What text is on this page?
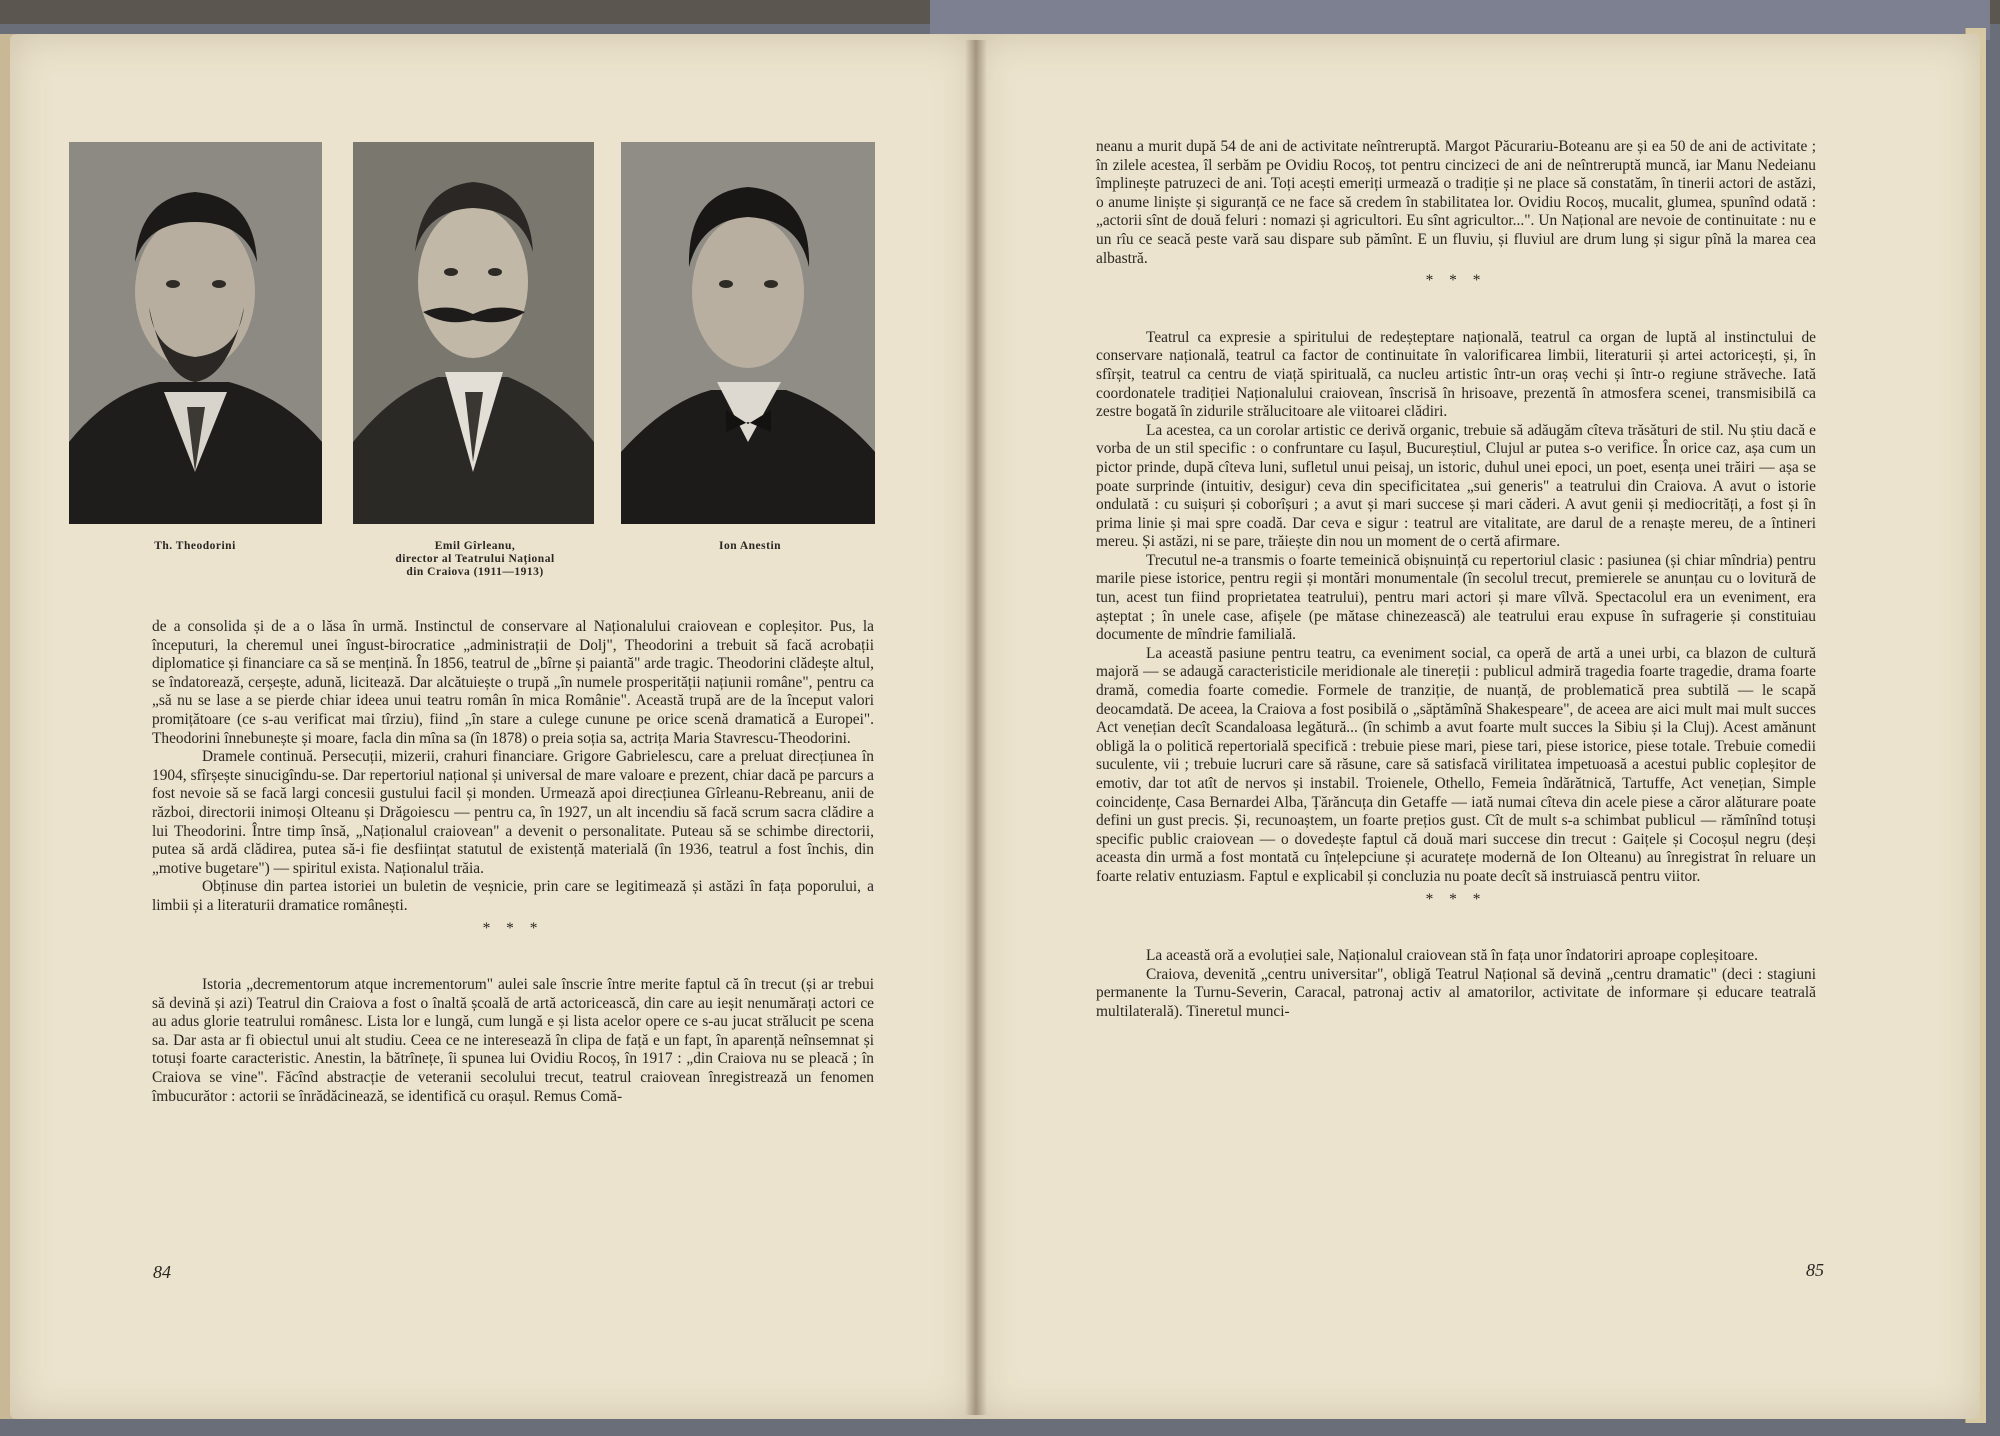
Th. Theodorini	Emil Gîrleanu,
director al Teatrului Național
din Craiova (1911—1913)
Ion Anestin

de a consolida și de a o lăsa în urmă. Instinctul de conservare al Naționalului craiovean e copleșitor. Pus, la începuturi, la cheremul unei îngust-birocratice „administrații de Dolj", Theodorini a trebuit să facă acrobații diplomatice și financiare ca să se mențină. În 1856, teatrul de „bîrne și paiantă" arde tragic. Theodorini clădește altul, se îndatorează, cerșește, adună, licitează. Dar alcătuiește o trupă „în numele prosperității națiunii române", pentru ca „să nu se lase a se pierde chiar ideea unui teatru român în mica Românie". Această trupă are de la început valori promițătoare (ce s-au verificat mai tîrziu), fiind „în stare a culege cunune pe orice scenă dramatică a Europei". Theodorini înnebunește și moare, facla din mîna sa (în 1878) o preia soția sa, actrița Maria Stavrescu-Theodorini.

Dramele continuă. Persecuții, mizerii, crahuri financiare. Grigore Gabrielescu, care a preluat direcțiunea în 1904, sfîrșește sinucigîndu-se. Dar repertoriul național și universal de mare valoare e prezent, chiar dacă pe parcurs a fost nevoie să se facă largi concesii gustului facil și monden. Urmează apoi direcțiunea Gîrleanu-Rebreanu, anii de război, directorii inimoși Olteanu și Drăgoiescu — pentru ca, în 1927, un alt incendiu să facă scrum sacra clădire a lui Theodorini. Între timp însă, „Naționalul craiovean" a devenit o personalitate. Puteau să se schimbe directorii, putea să ardă clădirea, putea să-i fie desființat statutul de existență materială (în 1936, teatrul a fost închis, din „motive bugetare") — spiritul exista. Naționalul trăia.

Obținuse din partea istoriei un buletin de veșnicie, prin care se legitimează și astăzi în fața poporului, a limbii și a literaturii dramatice românești.

* * *

Istoria „decrementorum atque incrementorum" aulei sale înscrie între merite faptul că în trecut (și ar trebui să devină și azi) Teatrul din Craiova a fost o înaltă școală de artă actoricească, din care au ieșit nenumărați actori ce au adus glorie teatrului românesc. Lista lor e lungă, cum lungă e și lista acelor opere ce s-au jucat strălucit pe scena sa. Dar asta ar fi obiectul unui alt studiu. Ceea ce ne interesează în clipa de față e un fapt, în aparență neînsemnat și totuși foarte caracteristic. Anestin, la bătrînețe, îi spunea lui Ovidiu Rocoș, în 1917 : „din Craiova nu se pleacă ; în Craiova se vine". Făcînd abstracție de veteranii secolului trecut, teatrul craiovean înregistrează un fenomen îmbucurător : actorii se înrădăcinează, se identifică cu orașul. Remus Comă-

84

neanu a murit după 54 de ani de activitate neîntreruptă. Margot Păcurariu-Boteanu are și ea 50 de ani de activitate ; în zilele acestea, îl serbăm pe Ovidiu Rocoș, tot pentru cincizeci de ani de neîntreruptă muncă, iar Manu Nedeianu împlinește patruzeci de ani. Toți acești emeriți urmează o tradiție și ne place să constatăm, în tinerii actori de astăzi, o anume liniște și siguranță ce ne face să credem în stabilitatea lor. Ovidiu Rocoș, mucalit, glumeа, spunînd odată : „actorii sînt de două feluri : nomazi și agricultori. Eu sînt agricultor...". Un Național are nevoie de continuitate : nu e un rîu ce seacă peste vară sau dispare sub pămînt. E un fluviu, și fluviul are drum lung și sigur pînă la marea cea albastră.

* * *

Teatrul ca expresie a spiritului de redeșteptare națională, teatrul ca organ de luptă al instinctului de conservare națională, teatrul ca factor de continuitate în valorificarea limbii, literaturii și artei actoricești, și, în sfîrșit, teatrul ca centru de viață spirituală, ca nucleu artistic într-un oraș vechi și într-o regiune străveche. Iată coordonatele tradiției Naționalului craiovean, înscrisă în hrisoave, prezentă în atmosfera scenei, transmisibilă ca zestre bogată în zidurile strălucitoare ale viitoarei clădiri.

La acestea, ca un corolar artistic ce derivă organic, trebuie să adăugăm cîteva trăsături de stil. Nu știu dacă e vorba de un stil specific : o confruntare cu Iașul, Bucureștiul, Clujul ar putea s-o verifice. În orice caz, așa cum un pictor prinde, după cîteva luni, sufletul unui peisaj, un istoric, duhul unei epoci, un poet, esența unei trăiri — așa se poate surprinde (intuitiv, desigur) ceva din specificitatea „sui generis" a teatrului din Craiova. A avut o istorie ondulată : cu suișuri și coborîșuri ; a avut și mari succese și mari căderi. A avut genii și mediocrități, a fost și în prima linie și mai spre coadă. Dar ceva e sigur : teatrul are vitalitate, are darul de a renaște mereu, de a întineri mereu. Și astăzi, ni se pare, trăiește din nou un moment de o certă afirmare.

Trecutul ne-a transmis o foarte temeinică obișnuință cu repertoriul clasic : pasiunea (și chiar mîndria) pentru marile piese istorice, pentru regii și montări monumentale (în secolul trecut, premierele se anunțau cu o lovitură de tun, acest tun fiind proprietatea teatrului), pentru mari actori și mare vîlvă. Spectacolul era un eveniment, era așteptat ; în unele case, afișele (pe mătase chinezească) ale teatrului erau expuse în sufragerie și constituiau documente de mîndrie familială.

La această pasiune pentru teatru, ca eveniment social, ca operă de artă a unei urbi, ca blazon de cultură majoră — se adaugă caracteristicile meridionale ale tinereții : publicul admiră tragedia foarte tragedie, drama foarte dramă, comedia foarte comedie. Formele de tranziție, de nuanță, de problematică prea subtilă — le scapă deocamdată. De aceea, la Craiova a fost posibilă o „săptămînă Shakespeare", de aceea are aici mult mai mult succes Act venețian decît Scandaloasa legătură... (în schimb a avut foarte mult succes la Sibiu și la Cluj). Acest amănunt obligă la o politică repertorială specifică : trebuie piese mari, piese tari, piese istorice, piese totale. Trebuie comedii suculente, vii ; trebuie lucruri care să răsune, care să satisfacă virilitatea impetuoasă a acestui public copleșitor de emotiv, dar tot atît de nervos și instabil. Troienele, Othello, Femeia îndărătnică, Tartuffe, Act venețian, Simple coincidențe, Casa Bernardei Alba, Țărăncuța din Getaffe — iată numai cîteva din acele piese a căror alăturare poate defini un gust precis. Și, recunoaștem, un foarte prețios gust. Cît de mult s-a schimbat publicul — rămînînd totuși specific public craiovean — o dovedește faptul că două mari succese din trecut : Gaițele și Cocoșul negru (deși aceasta din urmă a fost montată cu înțelepciune și acuratețe modernă de Ion Olteanu) au înregistrat în reluare un foarte relativ entuziasm. Faptul e explicabil și concluzia nu poate decît să instruiască pentru viitor.

* * *

La această oră a evoluției sale, Naționalul craiovean stă în fața unor îndatoriri aproape copleșitoare.

Craiova, devenită „centru universitar", obligă Teatrul Național să devină „centru dramatic" (deci : stagiuni permanente la Turnu-Severin, Caracal, patronaj activ al amatorilor, activitate de informare și educare teatrală multilaterală). Tineretul munci-

85
